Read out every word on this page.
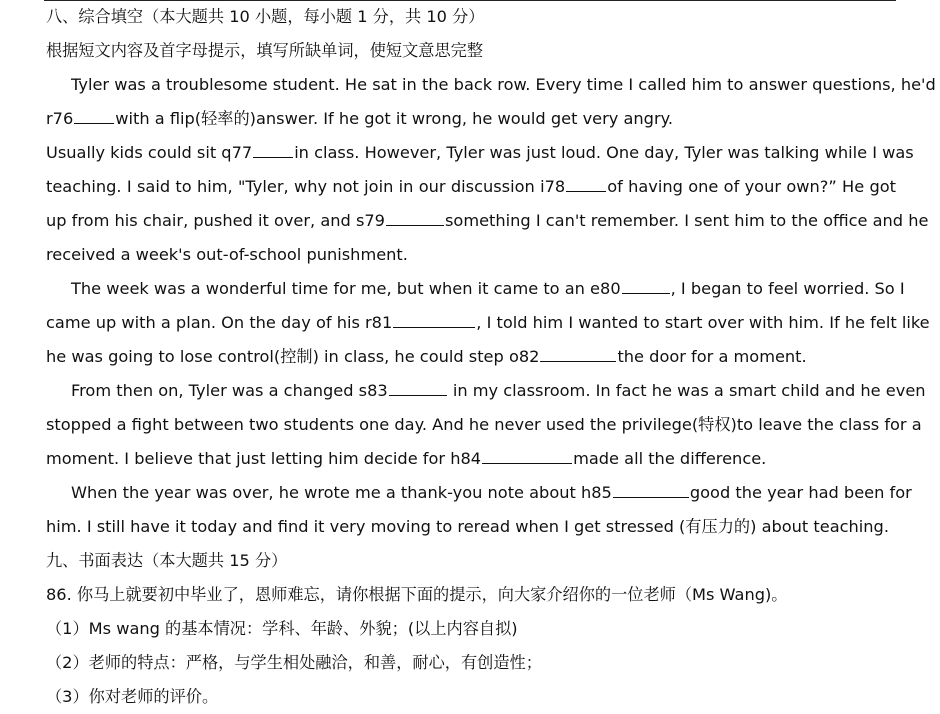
八、综合填空（本大题共 10 小题，每小题 1 分，共 10 分）
根据短文内容及首字母提示，填写所缺单词，使短文意思完整
Tyler was a troublesome student. He sat in the back row. Every time I called him to answer questions, he'd
r76	with a flip(轻率的)answer. If he got it wrong, he would get very angry.
Usually kids could sit q77	in class. However, Tyler was just loud. One day, Tyler was talking while I was
teaching. I said to him, "Tyler, why not join in our discussion i78	of having one of your own?” He got
up from his chair, pushed it over, and s79	something I can't remember. I sent him to the office and he
received a week's out-of-school punishment.
The week was a wonderful time for me, but when it came to an e80	, I began to feel worried. So I
came up with a plan. On the day of his r81	, I told him I wanted to start over with him. If he felt like
he was going to lose control(控制) in class, he could step o82	the door for a moment.
From then on, Tyler was a changed s83	in my classroom. In fact he was a smart child and he even
stopped a fight between two students one day. And he never used the privilege(特权)to leave the class for a
moment. I believe that just letting him decide for h84	made all the difference.
When the year was over, he wrote me a thank-you note about h85	good the year had been for
him. I still have it today and find it very moving to reread when I get stressed (有压力的) about teaching.
九、书面表达（本大题共 15 分）
86. 你马上就要初中毕业了，恩师难忘，请你根据下面的提示，向大家介绍你的一位老师（Ms Wang)。
（1）Ms wang 的基本情况：学科、年龄、外貌；(以上内容自拟)
（2）老师的特点：严格，与学生相处融洽，和善，耐心，有创造性；
（3）你对老师的评价。
